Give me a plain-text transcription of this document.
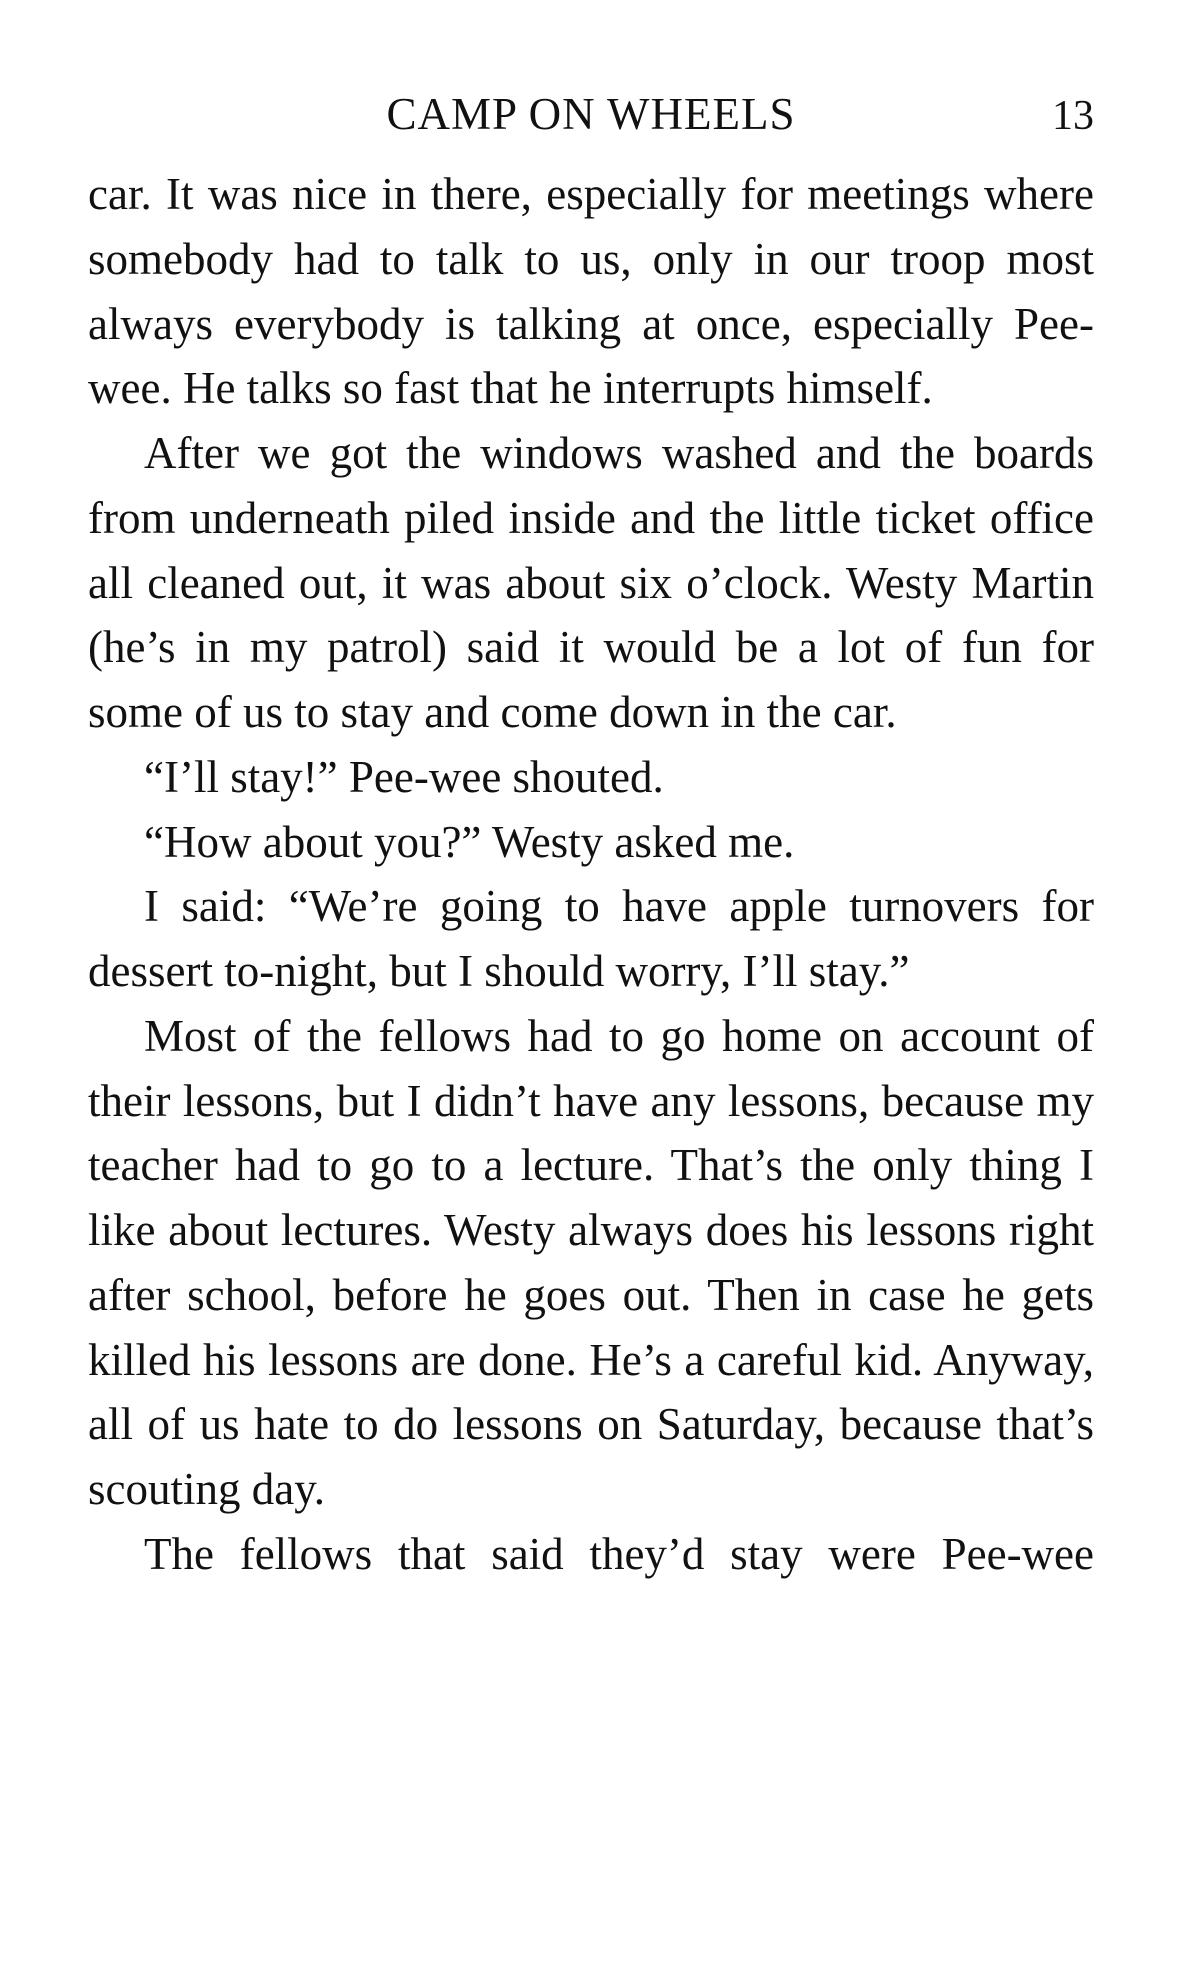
CAMP ON WHEELS	13

car. It was nice in there, especially for meetings where somebody had to talk to us, only in our troop most always everybody is talking at once, especially Pee-wee. He talks so fast that he interrupts himself.

After we got the windows washed and the boards from underneath piled inside and the little ticket office all cleaned out, it was about six o’clock. Westy Martin (he’s in my patrol) said it would be a lot of fun for some of us to stay and come down in the car.

“I’ll stay!” Pee-wee shouted.

“How about you?” Westy asked me.

I said: “We’re going to have apple turnovers for dessert to-night, but I should worry, I’ll stay.”

Most of the fellows had to go home on account of their lessons, but I didn’t have any lessons, because my teacher had to go to a lecture. That’s the only thing I like about lectures. Westy always does his lessons right after school, before he goes out. Then in case he gets killed his lessons are done. He’s a careful kid. Anyway, all of us hate to do lessons on Saturday, because that’s scouting day.

The fellows that said they’d stay were Pee-wee
